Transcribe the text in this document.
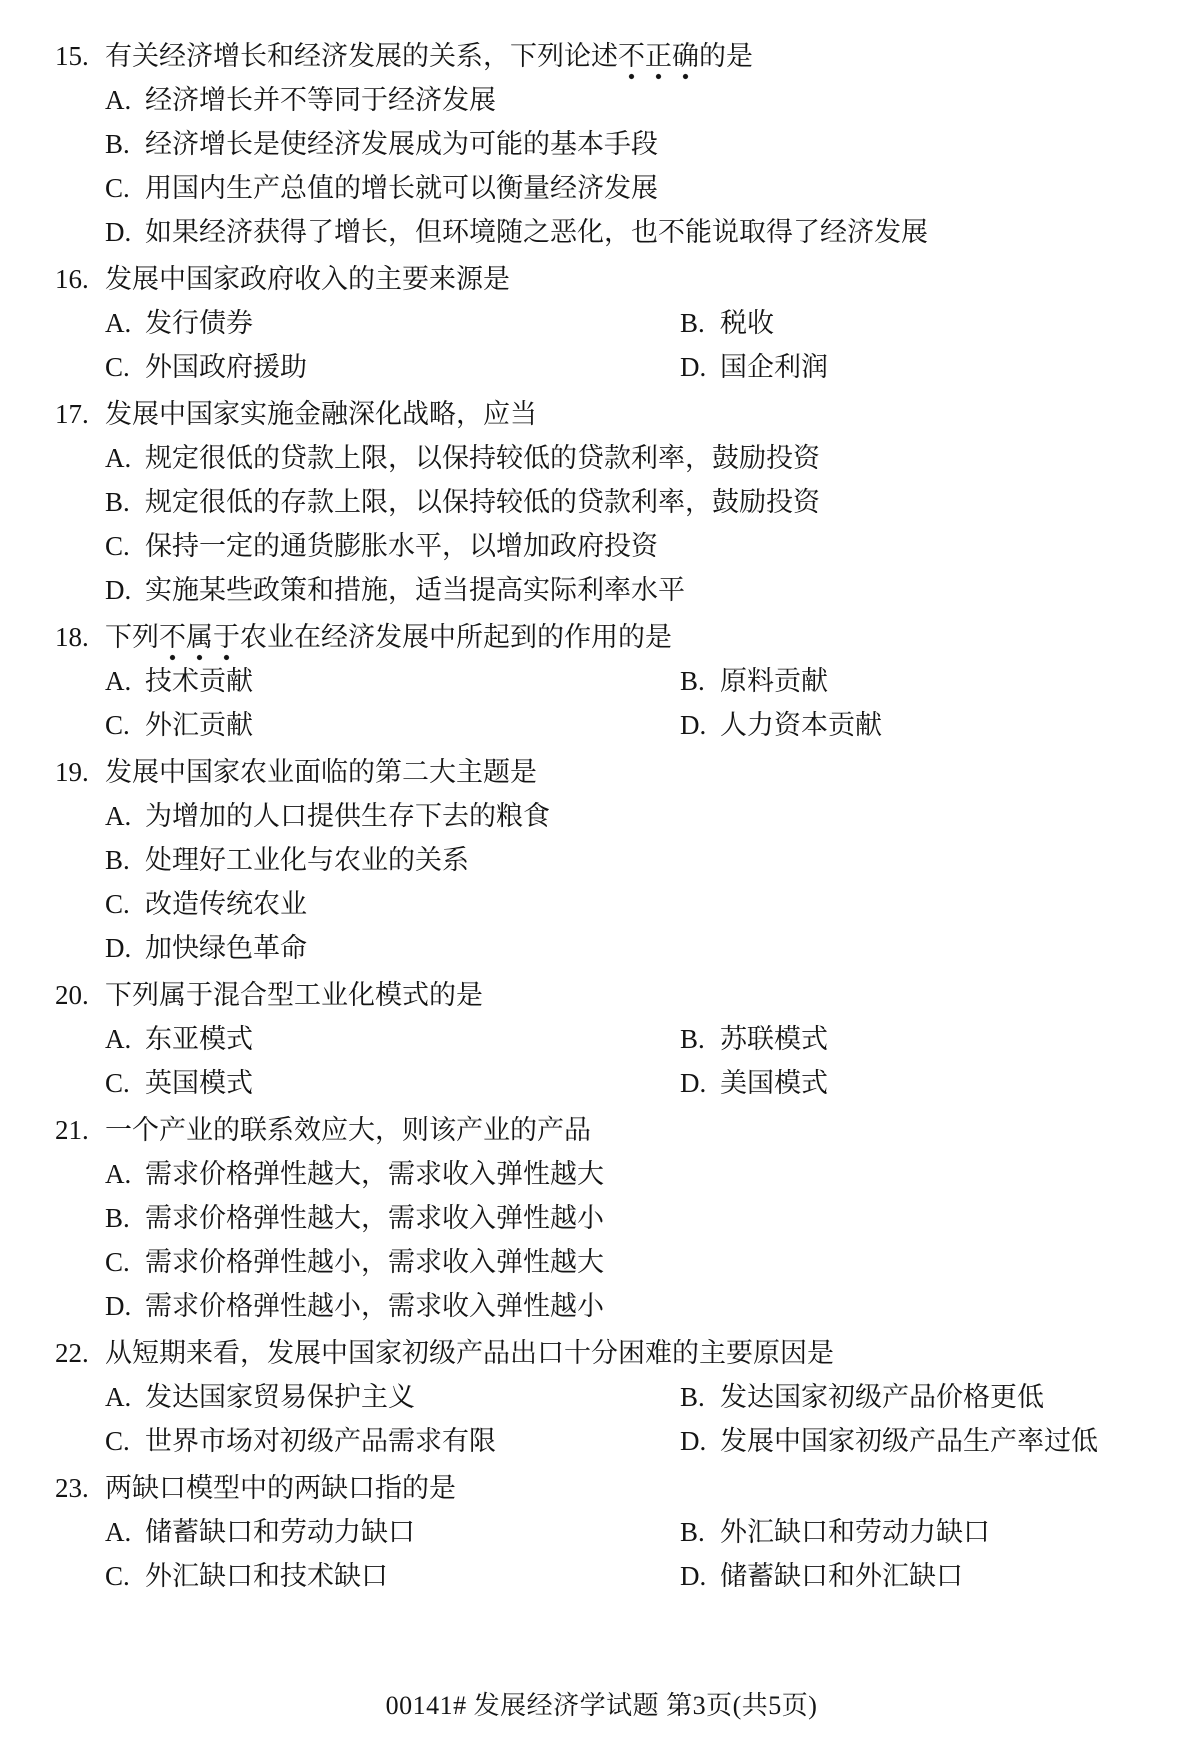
15. 有关经济增长和经济发展的关系，下列论述不正确的是
A. 经济增长并不等同于经济发展
B. 经济增长是使经济发展成为可能的基本手段
C. 用国内生产总值的增长就可以衡量经济发展
D. 如果经济获得了增长，但环境随之恶化，也不能说取得了经济发展
16. 发展中国家政府收入的主要来源是
A. 发行债券	B. 税收
C. 外国政府援助	D. 国企利润
17. 发展中国家实施金融深化战略，应当
A. 规定很低的贷款上限，以保持较低的贷款利率，鼓励投资
B. 规定很低的存款上限，以保持较低的贷款利率，鼓励投资
C. 保持一定的通货膨胀水平，以增加政府投资
D. 实施某些政策和措施，适当提高实际利率水平
18. 下列不属于农业在经济发展中所起到的作用的是
A. 技术贡献	B. 原料贡献
C. 外汇贡献	D. 人力资本贡献
19. 发展中国家农业面临的第二大主题是
A. 为增加的人口提供生存下去的粮食
B. 处理好工业化与农业的关系
C. 改造传统农业
D. 加快绿色革命
20. 下列属于混合型工业化模式的是
A. 东亚模式	B. 苏联模式
C. 英国模式	D. 美国模式
21. 一个产业的联系效应大，则该产业的产品
A. 需求价格弹性越大，需求收入弹性越大
B. 需求价格弹性越大，需求收入弹性越小
C. 需求价格弹性越小，需求收入弹性越大
D. 需求价格弹性越小，需求收入弹性越小
22. 从短期来看，发展中国家初级产品出口十分困难的主要原因是
A. 发达国家贸易保护主义	B. 发达国家初级产品价格更低
C. 世界市场对初级产品需求有限	D. 发展中国家初级产品生产率过低
23. 两缺口模型中的两缺口指的是
A. 储蓄缺口和劳动力缺口	B. 外汇缺口和劳动力缺口
C. 外汇缺口和技术缺口	D. 储蓄缺口和外汇缺口
00141# 发展经济学试题 第3页(共5页)
